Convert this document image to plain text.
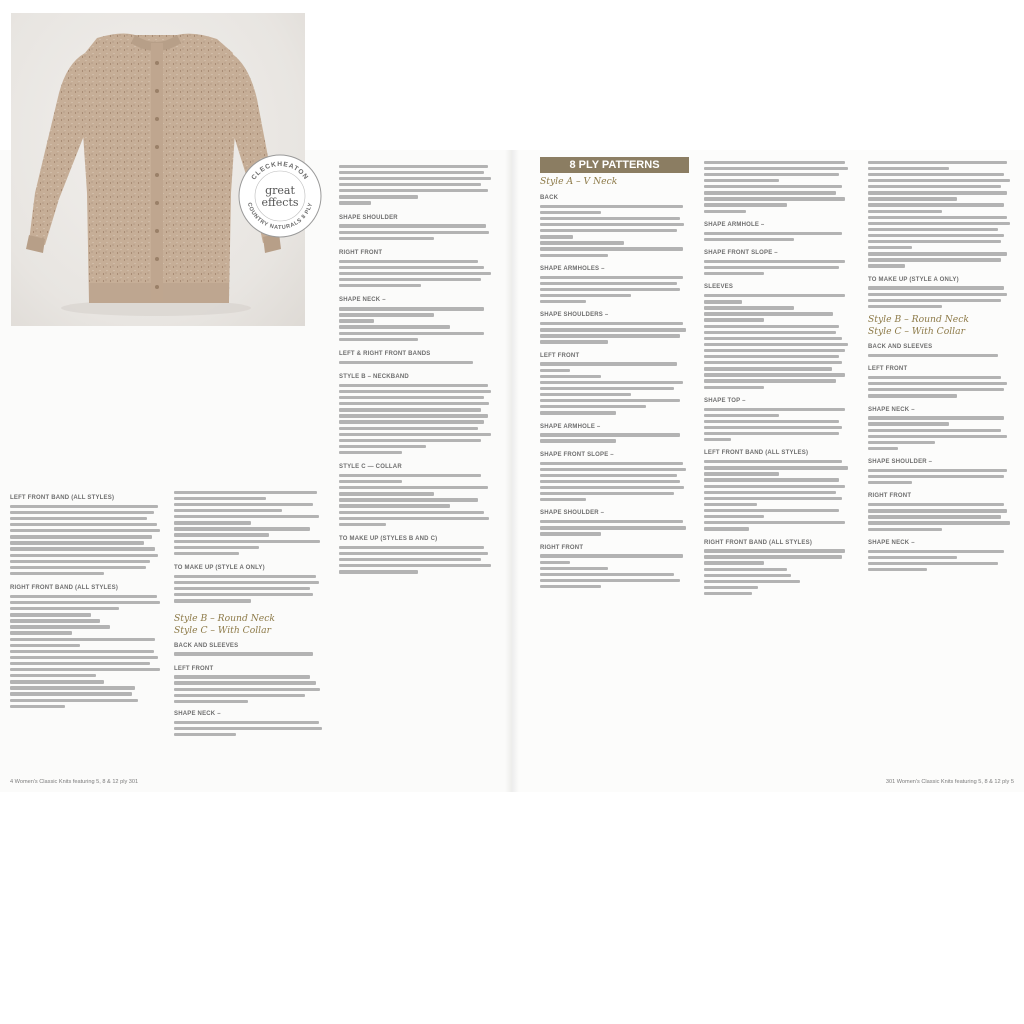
CLECKHEATON
COUNTRY NATURALS 8 PLY
great
effects
LEFT FRONT BAND (ALL STYLES)
RIGHT FRONT BAND (ALL STYLES)
TO MAKE UP (STYLE A ONLY)
Style B – Round Neck
Style C – With Collar
BACK AND SLEEVES
LEFT FRONT
SHAPE NECK –
SHAPE SHOULDER
RIGHT FRONT
SHAPE NECK –
LEFT & RIGHT FRONT BANDS
STYLE B – NECKBAND
STYLE C — COLLAR
TO MAKE UP (STYLES B AND C)
8 PLY PATTERNS
Style A – V Neck
BACK
SHAPE ARMHOLES –
SHAPE SHOULDERS –
LEFT FRONT
SHAPE ARMHOLE –
SHAPE FRONT SLOPE –
SHAPE SHOULDER –
RIGHT FRONT
SHAPE ARMHOLE –
SHAPE FRONT SLOPE –
SLEEVES
SHAPE TOP –
LEFT FRONT BAND (ALL STYLES)
RIGHT FRONT BAND (ALL STYLES)
TO MAKE UP (STYLE A ONLY)
Style B – Round Neck
Style C – With Collar
BACK AND SLEEVES
LEFT FRONT
SHAPE NECK –
SHAPE SHOULDER –
RIGHT FRONT
SHAPE NECK –
4 Women's Classic Knits featuring 5, 8 & 12 ply 301	301 Women's Classic Knits featuring 5, 8 & 12 ply 5
